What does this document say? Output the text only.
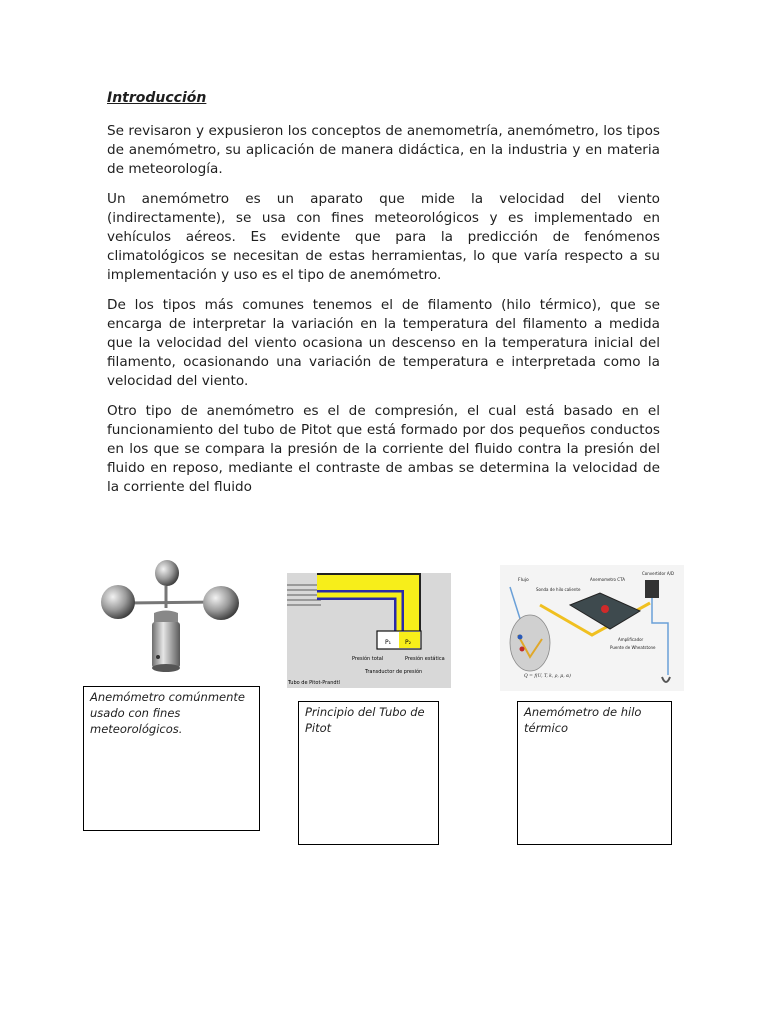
Introducción

Se revisaron y expusieron los conceptos de anemometría, anemómetro, los tipos de anemómetro, su aplicación de manera didáctica, en la industria y en materia de meteorología.

Un anemómetro es un aparato que mide la velocidad del viento (indirectamente), se usa con fines meteorológicos y es implementado en vehículos aéreos. Es evidente que para la predicción de fenómenos climatológicos se necesitan de estas herramientas, lo que varía respecto a su implementación y uso es el tipo de anemómetro.

De los tipos más comunes tenemos el de filamento (hilo térmico), que se encarga de interpretar la variación en la temperatura del filamento a medida que la velocidad del viento ocasiona un descenso en la temperatura inicial del filamento, ocasionando una variación de temperatura e interpretada como la velocidad del viento.

Otro tipo de anemómetro es el de compresión, el cual está basado en el funcionamiento del tubo de Pitot que está formado por dos pequeños conductos en los que se compara la presión de la corriente del fluido contra la presión del fluido en reposo, mediante el contraste de ambas se determina la velocidad de la corriente del fluido

P₁ P₂
Presión total	Presión estática
Transductor de presión
Tubo de Pitot-Prandtl
Flujo
Sonda de hilo caliente
Anemometro CTA
Convertidor A/D
Amplificador
Puente de Wheatstone
Q = f(U, T, k, ρ, μ, α)
Anemómetro comúnmente usado con fines meteorológicos.
Principio del Tubo de Pitot
Anemómetro de hilo térmico
